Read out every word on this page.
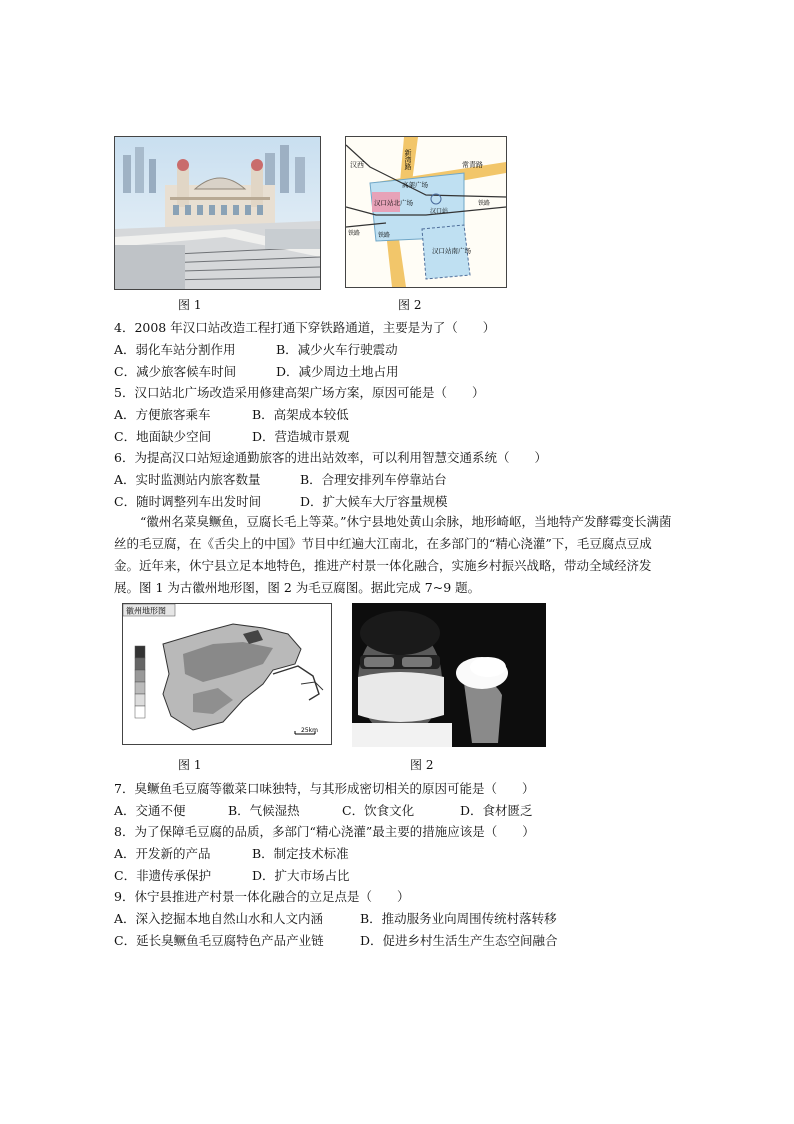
新湾路	常青路
汉西
铁路	铁路
铁路
汉口站北广场
高架广场
汉口站
汉口站南广场
图 1	图 2
4．2008 年汉口站改造工程打通下穿铁路通道，主要是为了（　　）
A．弱化车站分割作用	B．减少火车行驶震动
C．减少旅客候车时间	D．减少周边土地占用
5．汉口站北广场改造采用修建高架广场方案，原因可能是（　　）
A．方便旅客乘车	B．高架成本较低
C．地面缺少空间	D．营造城市景观
6．为提高汉口站短途通勤旅客的进出站效率，可以利用智慧交通系统（　　）
A．实时监测站内旅客数量	B．合理安排列车停靠站台
C．随时调整列车出发时间	D．扩大候车大厅容量规模
“徽州名菜臭鳜鱼，豆腐长毛上等菜。”休宁县地处黄山余脉，地形崎岖，当地特产发酵霉变长满菌丝的毛豆腐，在《舌尖上的中国》节目中红遍大江南北，在多部门的“精心浇灌”下，毛豆腐点豆成金。近年来，休宁县立足本地特色，推进产村景一体化融合，实施乡村振兴战略，带动全域经济发展。图 1 为古徽州地形图，图 2 为毛豆腐图。据此完成 7~9 题。
徽州地形图
25km
图 1	图 2
7．臭鳜鱼毛豆腐等徽菜口味独特，与其形成密切相关的原因可能是（　　）
A．交通不便	B．气候湿热	C．饮食文化	D．食材匮乏
8．为了保障毛豆腐的品质，多部门“精心浇灌”最主要的措施应该是（　　）
A．开发新的产品	B．制定技术标准
C．非遗传承保护	D．扩大市场占比
9．休宁县推进产村景一体化融合的立足点是（　　）
A．深入挖掘本地自然山水和人文内涵	B．推动服务业向周围传统村落转移
C．延长臭鳜鱼毛豆腐特色产品产业链	D．促进乡村生活生产生态空间融合
